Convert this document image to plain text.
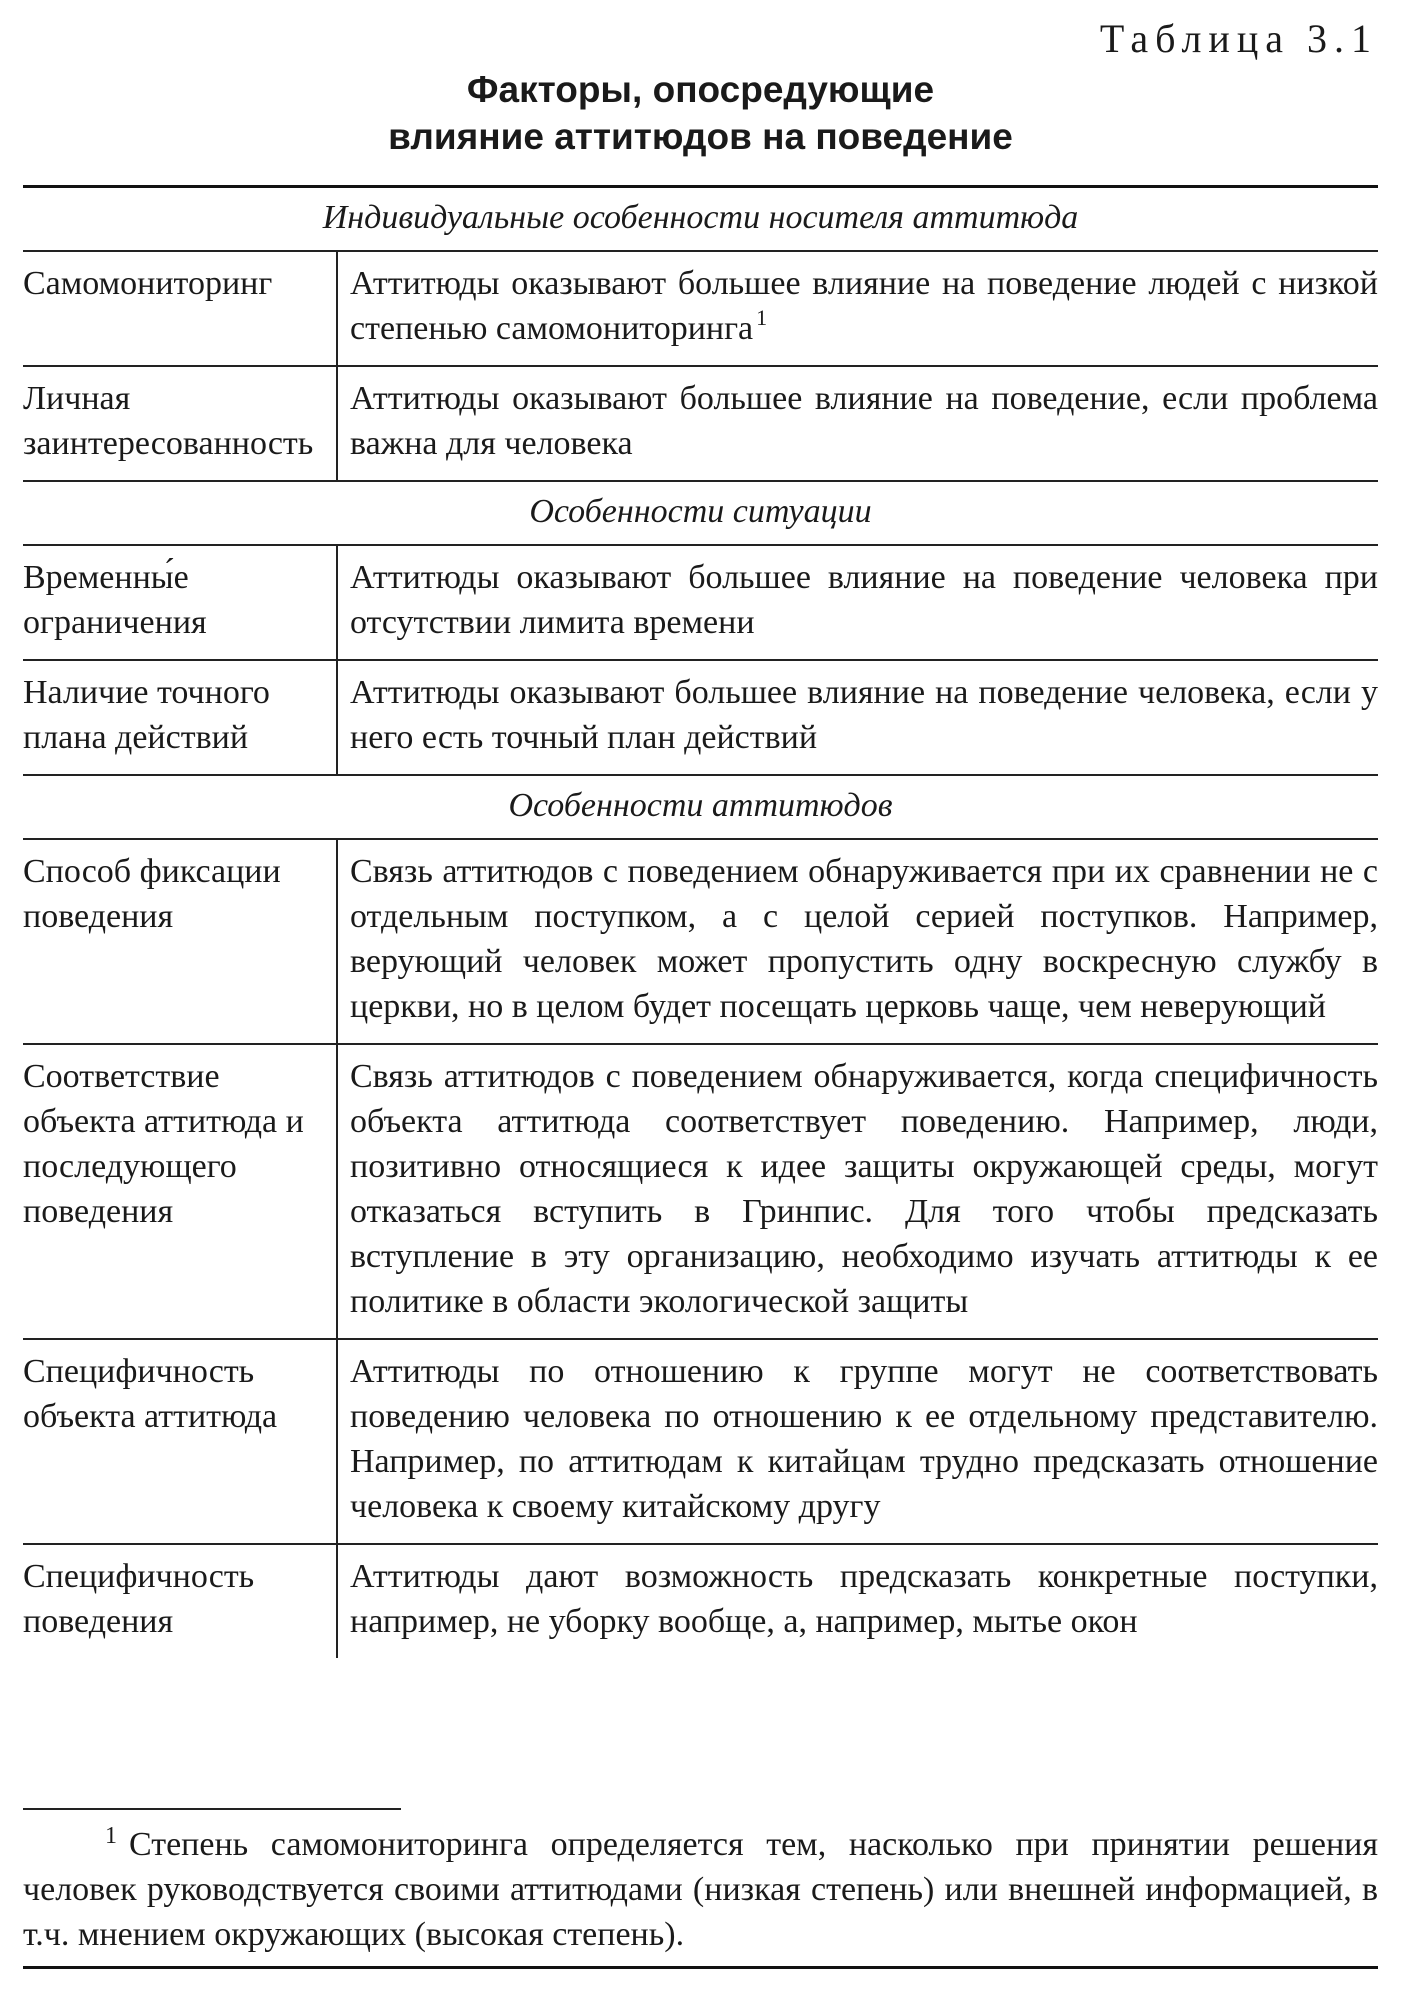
Таблица 3.1
Факторы, опосредующие
влияние аттитюдов на поведение
Индивидуальные особенности носителя аттитюда	
Самомониторинг	Аттитюды оказывают большее влияние на поведение людей с низкой степенью самомониторинга $^1$
Личная заинтересованность	Аттитюды оказывают большее влияние на поведение, если проблема важна для человека
Особенности ситуации	
Временны́е ограничения	Аттитюды оказывают большее влияние на поведение человека при отсутствии лимита времени
Наличие точного плана действий	Аттитюды оказывают большее влияние на поведение человека, если у него есть точный план действий
Особенности аттитюдов	
Способ фиксации поведения	Связь аттитюдов с поведением обнаруживается при их сравнении не с отдельным поступком, а с целой серией поступков. Например, верующий человек может пропустить одну воскресную службу в церкви, но в целом будет посещать церковь чаще, чем неверующий
Соответствие объекта аттитюда и последующего поведения	Связь аттитюдов с поведением обнаруживается, когда специфичность объекта аттитюда соответствует поведению. Например, люди, позитивно относящиеся к идее защиты окружающей среды, могут отказаться вступить в Гринпис. Для того чтобы предсказать вступление в эту организацию, необходимо изучать аттитюды к ее политике в области экологической защиты
Специфичность объекта аттитюда	Аттитюды по отношению к группе могут не соответствовать поведению человека по отношению к ее отдельному представителю. Например, по аттитюдам к китайцам трудно предсказать отношение человека к своему китайскому другу
Специфичность поведения	Аттитюды дают возможность предсказать конкретные поступки, например, не уборку вообще, а, например, мытье окон
$^1$ Степень самомониторинга определяется тем, насколько при принятии решения человек руководствуется своими аттитюдами (низкая степень) или внешней информацией, в т.ч. мнением окружающих (высокая степень).
